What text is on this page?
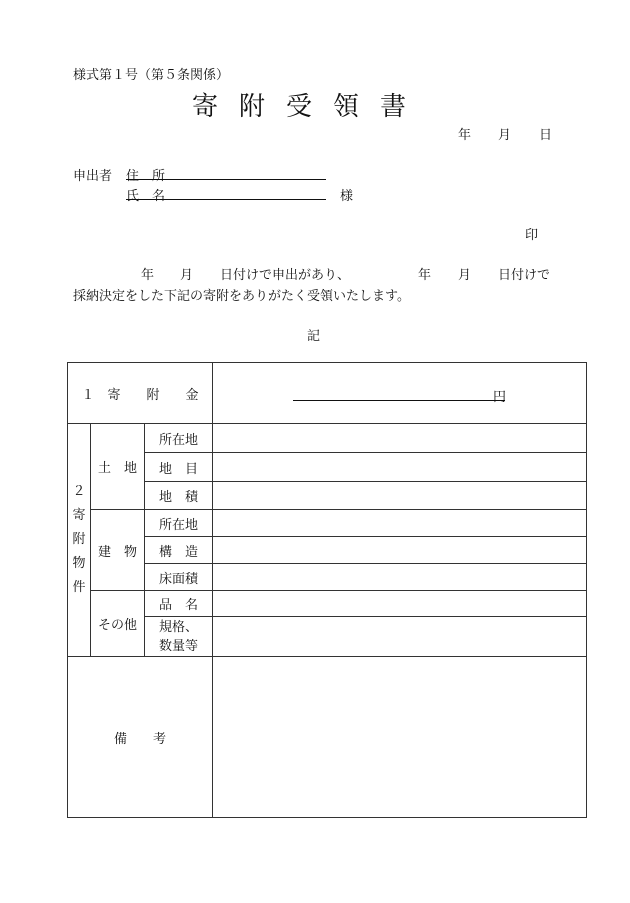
様式第１号（第５条関係）
寄附受領書
年 月 日
申出者 住　所
氏　名	様
印
年 月 日付けで申出があり、	年 月 日付けで
採納決定をした下記の寄附をありがたく受領いたします。
記
１　寄　　附　　金			円

２寄附物件	土　地	所在地	
		地　目	
		地　積	
	建　物	所在地	
		構　造	
		床面積	
	その他	品　名	

		規格、
数量等	

備　　考			
